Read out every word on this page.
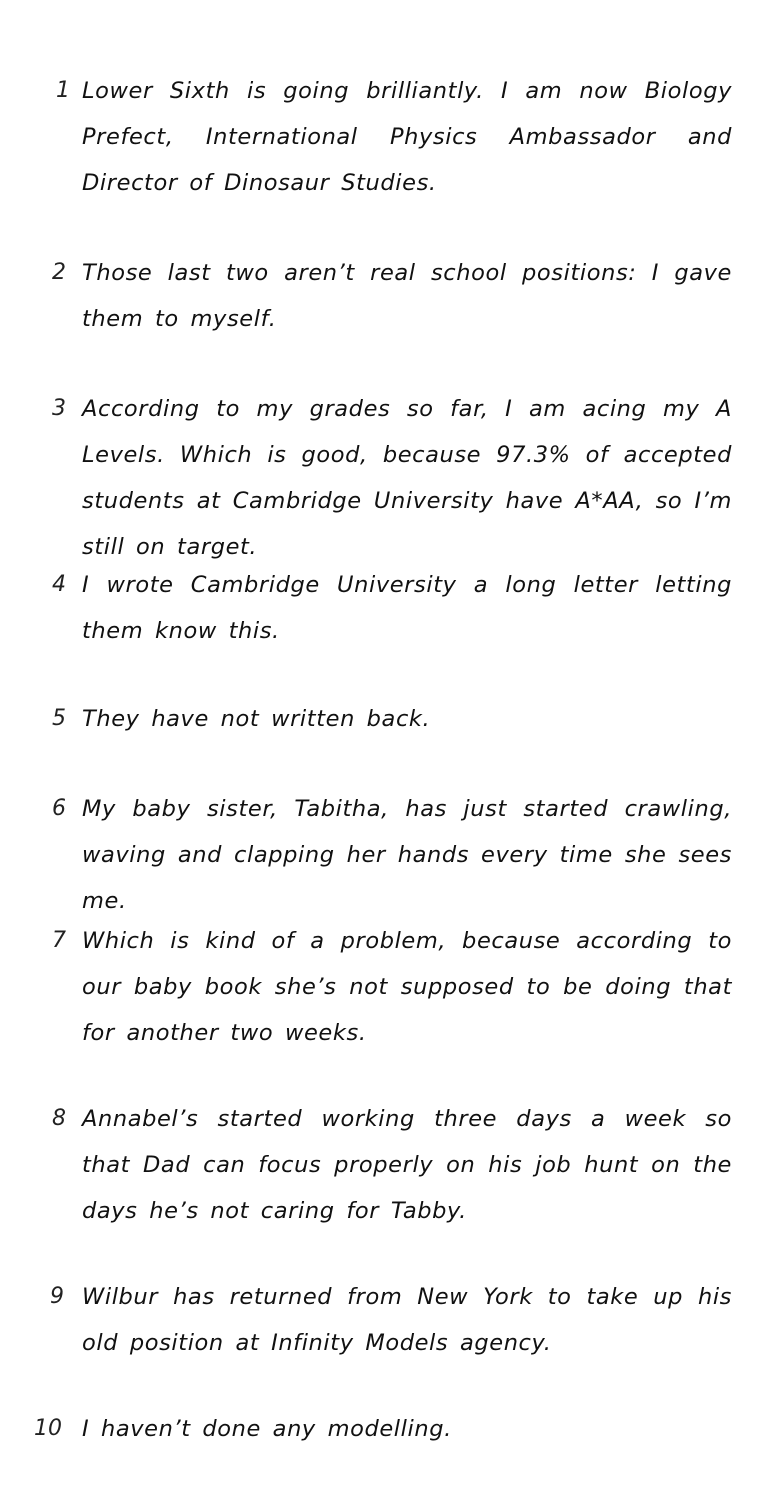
1 Lower Sixth is going brilliantly. I am now Biology Prefect, International Physics Ambassador and Director of Dinosaur Studies.
2 Those last two aren’t real school positions: I gave them to myself.
3 According to my grades so far, I am acing my A Levels. Which is good, because 97.3% of accepted students at Cambridge University have A*AA, so I’m still on target.
4 I wrote Cambridge University a long letter letting them know this.
5 They have not written back.
6 My baby sister, Tabitha, has just started crawling, waving and clapping her hands every time she sees me.
7 Which is kind of a problem, because according to our baby book she’s not supposed to be doing that for another two weeks.
8 Annabel’s started working three days a week so that Dad can focus properly on his job hunt on the days he’s not caring for Tabby.
9 Wilbur has returned from New York to take up his old position at Infinity Models agency.
10 I haven’t done any modelling.
